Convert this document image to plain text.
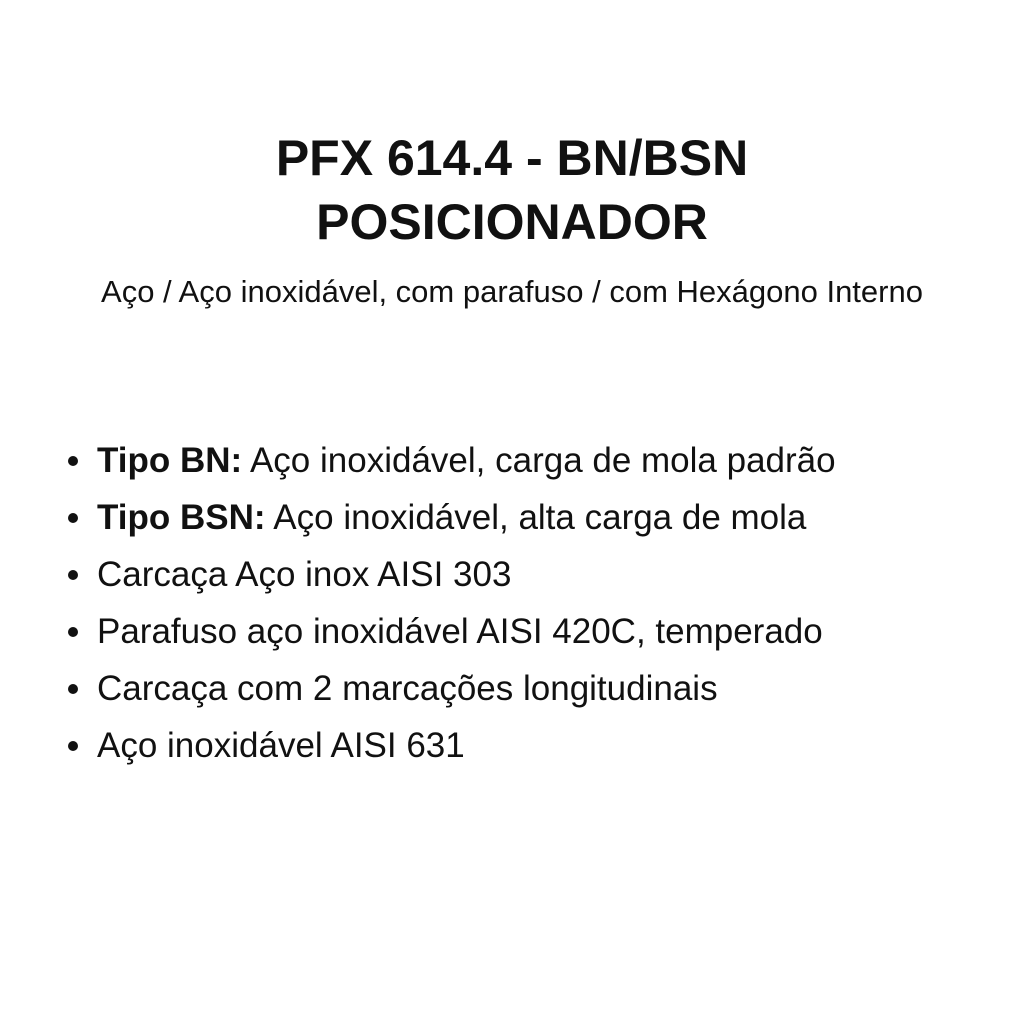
PFX 614.4 - BN/BSN
POSICIONADOR

Aço / Aço inoxidável, com parafuso / com Hexágono Interno

Tipo BN: Aço inoxidável, carga de mola padrão
Tipo BSN: Aço inoxidável, alta carga de mola
Carcaça Aço inox AISI 303
Parafuso aço inoxidável AISI 420C, temperado
Carcaça com 2 marcações longitudinais
Aço inoxidável AISI 631
